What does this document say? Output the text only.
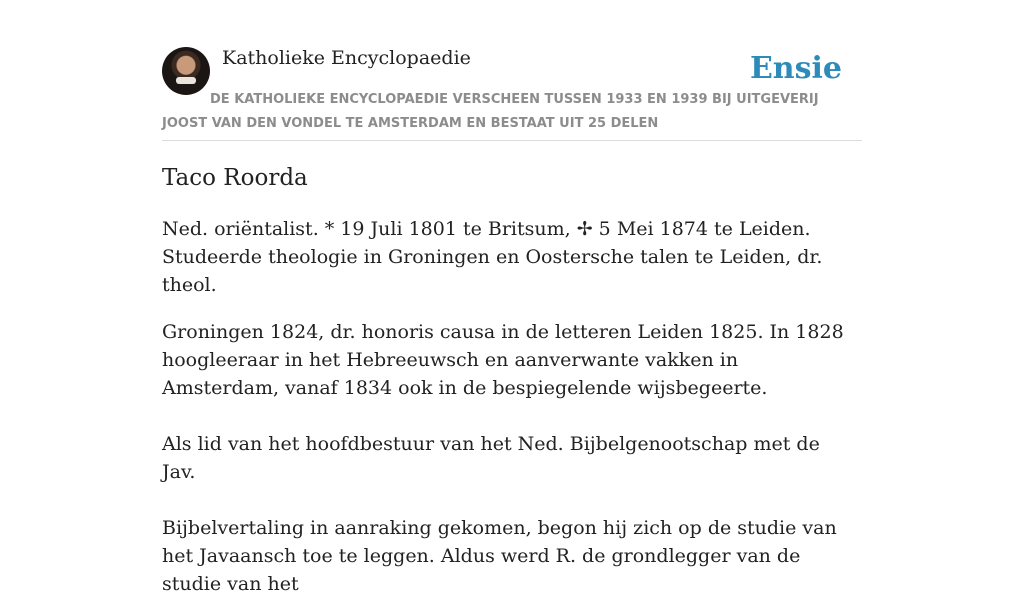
Katholieke Encyclopaedie	Ensie
DE KATHOLIEKE ENCYCLOPAEDIE VERSCHEEN TUSSEN 1933 EN 1939 BIJ UITGEVERIJ JOOST VAN DEN VONDEL TE AMSTERDAM EN BESTAAT UIT 25 DELEN
Taco Roorda

Ned. oriëntalist. * 19 Juli 1801 te Britsum, ✢ 5 Mei 1874 te Leiden. Studeerde theologie in Groningen en Oostersche talen te Leiden, dr. theol.

Groningen 1824, dr. honoris causa in de letteren Leiden 1825. In 1828 hoogleeraar in het Hebreeuwsch en aanverwante vakken in Amsterdam, vanaf 1834 ook in de bespiegelende wijsbegeerte.

Als lid van het hoofdbestuur van het Ned. Bijbelgenootschap met de Jav.

Bijbelvertaling in aanraking gekomen, begon hij zich op de studie van het Javaansch toe te leggen. Aldus werd R. de grondlegger van de studie van het
